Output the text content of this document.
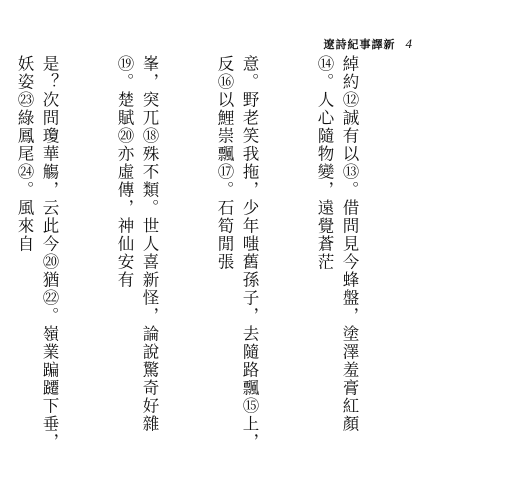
遼詩紀事譯新 4

綽約⑫誠有以⑬。借問見今蜂盤，塗澤羞膏紅顏⑭。人心隨物變，遠覺蒼茫

意。野老笑我拖，少年嗤舊孫子，去隨路飄⑮上，反⑯以鯉崇飄⑰。石筍閒張

峯，突兀⑱殊不類。世人喜新怪，論說驚奇好雜⑲。楚賦⑳亦虛傳，神仙安有

是？次問瓊華觴，云此今⑳猶㉒。嶺業蹁躚下垂，妖姿㉓綠鳳尾㉔。風來自
